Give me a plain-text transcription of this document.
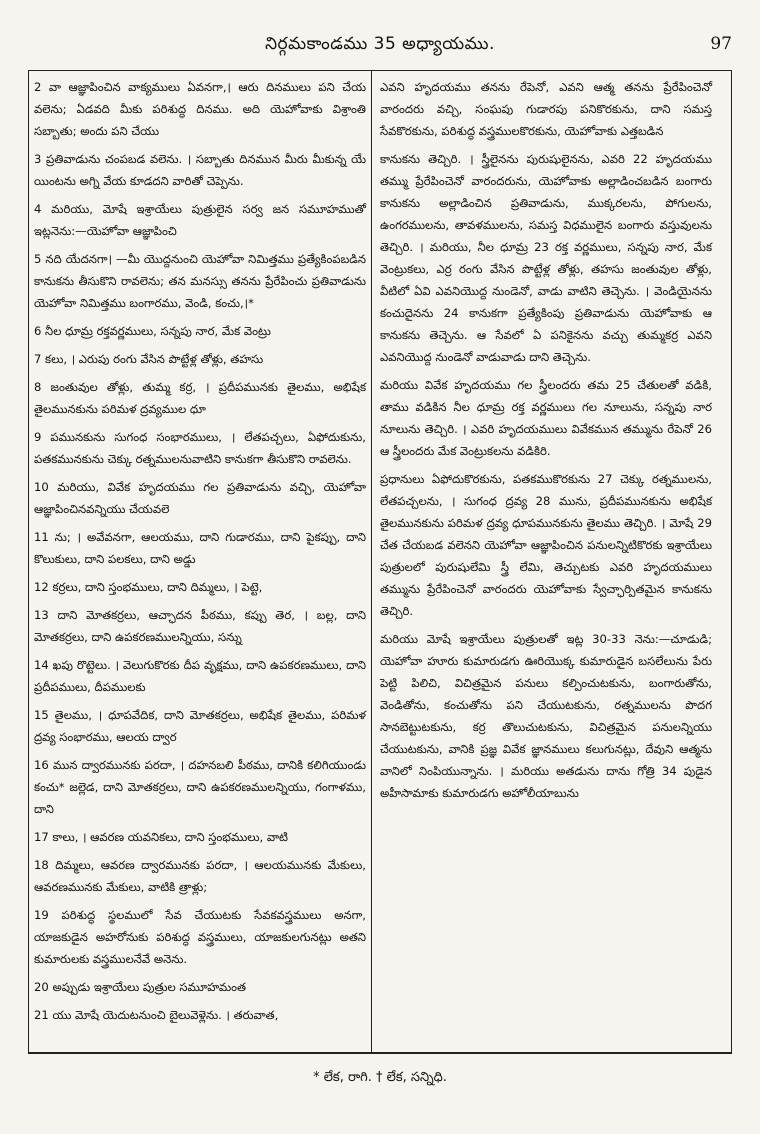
నిర్గమకాండము 35 అధ్యాయము.	97

2 వా ఆజ్ఞాపించిన వాక్యములు ఏవనగా,। ఆరు దినములు పని చేయ వలెను; ఏడవది మీకు పరిశుద్ధ దినము. అది యెహోవాకు విశ్రాంతి సబ్బాతు; అందు పని చేయు

3 ప్రతివాడును చంపబడ వలెను. । సబ్బాతు దినమున మీరు మీకున్న యే యింటను అగ్ని వేయ కూడదని వారితో చెప్పెను.

4 మరియు, మోషే ఇశ్రాయేలు పుత్రులైన సర్వ జన సమూహముతో ఇట్లనెను:—యెహోవా ఆజ్ఞాపించి

5 నది యేదనగా। —మీ యొద్దనుంచి యెహోవా నిమిత్తము ప్రత్యేకింపబడిన కానుకను తీసుకొని రావలెను; తన మనస్సు తనను ప్రేరేపించు ప్రతివాడును యెహోవా నిమిత్తము బంగారము, వెండి, కంచు,।*

6 నీల ధూమ్ర రక్తవర్ణములు, సన్నపు నార, మేక వెంట్రు

7 కలు, । ఎరుపు రంగు వేసిన పొట్టేళ్ల తోళ్లు, తహసు

8 జంతువుల తోళ్లు, తుమ్మ కర్ర, । ప్రదీపమునకు తైలము, అభిషేక తైలమునకును పరిమళ ద్రవ్యముల ధూ

9 పమునకును సుగంధ సంభారములు, । లేతపచ్చలు, ఏఫోదుకును, పతకమునకును చెక్కు రత్నములనువాటిని కానుకగా తీసుకొని రావలెను.

10 మరియు, వివేక హృదయము గల ప్రతివాడును వచ్చి, యెహోవా ఆజ్ఞాపించినవన్నియు చేయవలె

11 ను; । అవేవనగా, ఆలయము, దాని గుడారము, దాని పైకప్పు, దాని కొలుకులు, దాని పలకలు, దాని అడ్డు

12 కర్రలు, దాని స్తంభములు, దాని దిమ్మలు, । పెట్టె,

13 దాని మోతకర్రలు, ఆచ్ఛాదన పీఠము, కప్పు తెర, । బల్ల, దాని మోతకర్రలు, దాని ఉపకరణములన్నియు, సన్ను

14 ఖపు రొట్టెలు. । వెలుగుకొరకు దీప వృక్షము, దాని ఉపకరణములు, దాని ప్రదీపములు, దీపములకు

15 తైలము, । ధూపవేదిక, దాని మోతకర్రలు, అభిషేక తైలము, పరిమళ ద్రవ్య సంభారము, ఆలయ ద్వార

16 మున ద్వారమునకు పరదా, । దహనబలి పీఠము, దానికి కలిగియుండు కంచు* జల్లెడ, దాని మోతకర్రలు, దాని ఉపకరణములన్నియు, గంగాళము, దాని

17 కాలు, । ఆవరణ యవనికలు, దాని స్తంభములు, వాటి

18 దిమ్మలు, ఆవరణ ద్వారమునకు పరదా, । ఆలయమునకు మేకులు, ఆవరణమునకు మేకులు, వాటికి త్రాళ్లు;

19 పరిశుద్ధ స్థలములో సేవ చేయుటకు సేవకవస్త్రములు అనగా, యాజకుడైన అహరోనుకు పరిశుద్ధ వస్త్రములు, యాజకులగునట్లు అతని కుమారులకు వస్త్రములనేవే అనెను.

20 అప్పుడు ఇశ్రాయేలు పుత్రుల సమూహమంత

21 యు మోషే యెదుటనుంచి బైలువెళ్లెను. । తరువాత,

ఎవని హృదయము తనను రేపెనో, ఎవని ఆత్మ తనను ప్రేరేపించెనో వారందరు వచ్చి, సంఘపు గుడారపు పనికొరకును, దాని సమస్త సేవకొరకును, పరిశుద్ధ వస్త్రములకొరకును, యెహోవాకు ఎత్తబడిన

కానుకను తెచ్చిరి. । స్త్రీలైనను పురుషులైనను, ఎవరి 22 హృదయము తమ్ము ప్రేరేపించెనో వారందరును, యెహోవాకు అల్లాడించబడిన బంగారు కానుకను అల్లాడించిన ప్రతివాడును, ముక్కరలను, పోగులను, ఉంగరములను, తావళములను, సమస్త విధములైన బంగారు వస్తువులను తెచ్చిరి. । మరియు, నీల ధూమ్ర 23 రక్త వర్ణములు, సన్నపు నార, మేక వెంట్రుకలు, ఎర్ర రంగు వేసిన పొట్టేళ్ల తోళ్లు, తహసు జంతువుల తోళ్లు, వీటిలో ఏవి ఎవనియొద్ద నుండెనో, వాడు వాటిని తెచ్చెను. । వెండియైనను కంచుదైనను 24 కానుకగా ప్రత్యేకింపు ప్రతివాడును యెహోవాకు ఆ కానుకను తెచ్చెను. ఆ సేవలో ఏ పనికైనను వచ్చు తుమ్మకర్ర ఎవని ఎవనియొద్ద నుండెనో వాడువాడు దాని తెచ్చెను.

మరియు వివేక హృదయము గల స్త్రీలందరు తమ 25 చేతులతో వడికి, తాము వడికిన నీల ధూమ్ర రక్త వర్ణములు గల నూలును, సన్నపు నార నూలును తెచ్చిరి. । ఎవరి హృదయములు వివేకమున తమ్మును రేపెనో 26 ఆ స్త్రీలందరు మేక వెంట్రుకలను వడికిరి.

ప్రధానులు ఏఫోదుకొరకును, పతకముకొరకును 27 చెక్కు రత్నములను, లేతపచ్చలను, । సుగంధ ద్రవ్య 28 మును, ప్రదీపమునకును అభిషేక తైలమునకును పరిమళ ద్రవ్య ధూపమునకును తైలము తెచ్చిరి. । మోషే 29 చేత చేయబడ వలెనని యెహోవా ఆజ్ఞాపించిన పనులన్నిటికొరకు ఇశ్రాయేలు పుత్రులలో పురుషులేమి స్త్రీ లేమి, తెచ్చుటకు ఎవరి హృదయములు తమ్మును ప్రేరేపించెనో వారందరు యెహోవాకు స్వేచ్ఛార్పితమైన కానుకను తెచ్చిరి.

మరియు మోషే ఇశ్రాయేలు పుత్రులతో ఇట్ల 30-33 నెను:—చూడుడి; యెహోవా హూరు కుమారుడగు ఊరియొక్క కుమారుడైన బసలేలును పేరు పెట్టి పిలిచి, విచిత్రమైన పనులు కల్పించుటకును, బంగారుతోను, వెండితోను, కంచుతోను పని చేయుటకును, రత్నములను పొదగ సానబెట్టుటకును, కర్ర తొలుచుటకును, విచిత్రమైన పనులన్నియు చేయుటకును, వానికి ప్రజ్ఞ వివేక జ్ఞానములు కలుగునట్లు, దేవుని ఆత్మను వానిలో నింపియున్నాను. । మరియు అతడును దాను గోత్రి 34 పుడైన అహీసామాకు కుమారుడగు అహోలీయాబును

* లేక, రాగి. † లేక, సన్నిధి.
